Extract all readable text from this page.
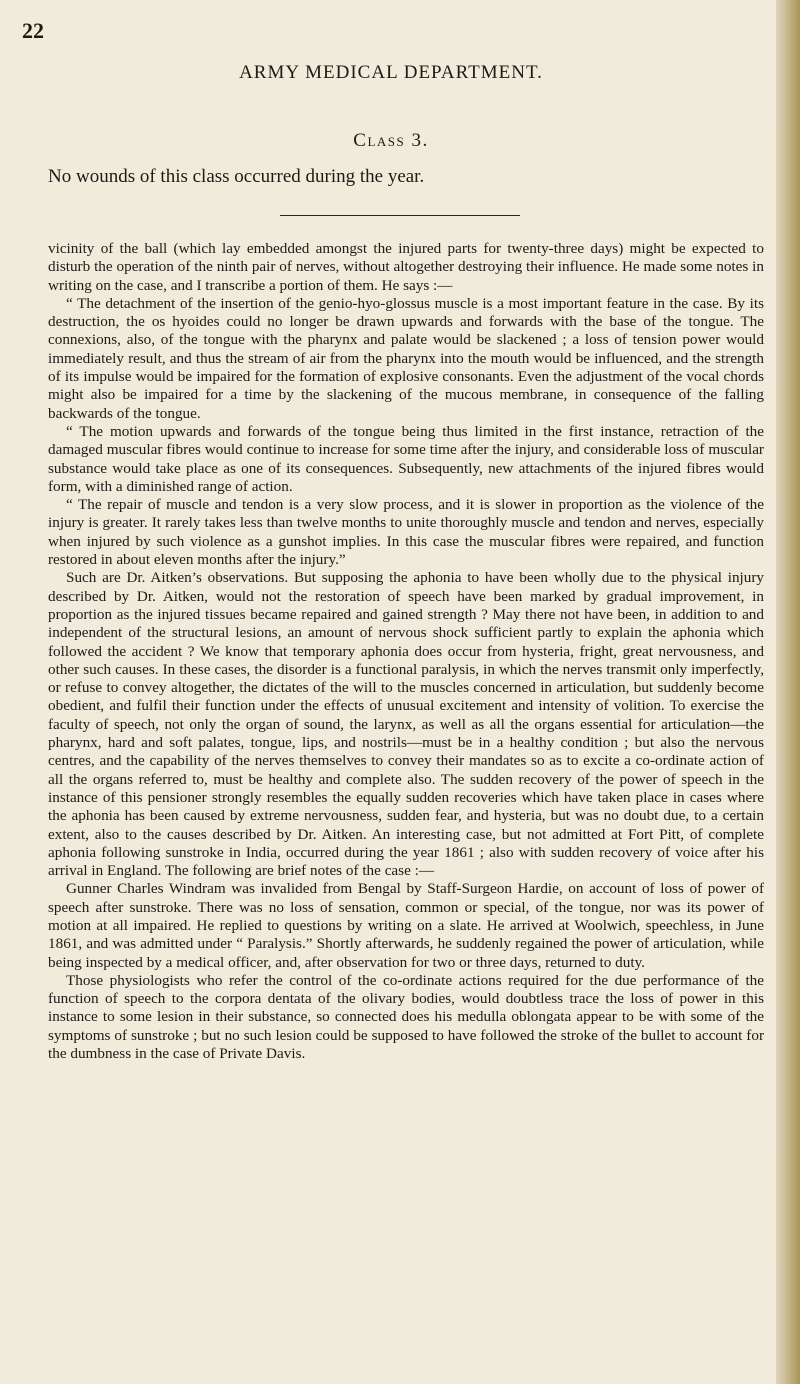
22
ARMY MEDICAL DEPARTMENT.
Class 3.
No wounds of this class occurred during the year.

vicinity of the ball (which lay embedded amongst the injured parts for twenty-three days) might be expected to disturb the operation of the ninth pair of nerves, without altogether destroying their influence. He made some notes in writing on the case, and I transcribe a portion of them. He says :—

“ The detachment of the insertion of the genio-hyo-glossus muscle is a most important feature in the case. By its destruction, the os hyoides could no longer be drawn upwards and forwards with the base of the tongue. The connexions, also, of the tongue with the pharynx and palate would be slackened ; a loss of tension power would immediately result, and thus the stream of air from the pharynx into the mouth would be influenced, and the strength of its impulse would be impaired for the formation of explosive consonants. Even the adjustment of the vocal chords might also be impaired for a time by the slackening of the mucous membrane, in consequence of the falling backwards of the tongue.

“ The motion upwards and forwards of the tongue being thus limited in the first instance, retraction of the damaged muscular fibres would continue to increase for some time after the injury, and considerable loss of muscular substance would take place as one of its consequences. Subsequently, new attachments of the injured fibres would form, with a diminished range of action.

“ The repair of muscle and tendon is a very slow process, and it is slower in proportion as the violence of the injury is greater. It rarely takes less than twelve months to unite thoroughly muscle and tendon and nerves, especially when injured by such violence as a gunshot implies. In this case the muscular fibres were repaired, and function restored in about eleven months after the injury.”

Such are Dr. Aitken’s observations. But supposing the aphonia to have been wholly due to the physical injury described by Dr. Aitken, would not the restoration of speech have been marked by gradual improvement, in proportion as the injured tissues became repaired and gained strength ? May there not have been, in addition to and independent of the structural lesions, an amount of nervous shock sufficient partly to explain the aphonia which followed the accident ? We know that temporary aphonia does occur from hysteria, fright, great nervousness, and other such causes. In these cases, the disorder is a functional paralysis, in which the nerves transmit only imperfectly, or refuse to convey altogether, the dictates of the will to the muscles concerned in articulation, but suddenly become obedient, and fulfil their function under the effects of unusual excitement and intensity of volition. To exercise the faculty of speech, not only the organ of sound, the larynx, as well as all the organs essential for articulation—the pharynx, hard and soft palates, tongue, lips, and nostrils—must be in a healthy condition ; but also the nervous centres, and the capability of the nerves themselves to convey their mandates so as to excite a co-ordinate action of all the organs referred to, must be healthy and complete also. The sudden recovery of the power of speech in the instance of this pensioner strongly resembles the equally sudden recoveries which have taken place in cases where the aphonia has been caused by extreme nervousness, sudden fear, and hysteria, but was no doubt due, to a certain extent, also to the causes described by Dr. Aitken. An interesting case, but not admitted at Fort Pitt, of complete aphonia following sunstroke in India, occurred during the year 1861 ; also with sudden recovery of voice after his arrival in England. The following are brief notes of the case :—

Gunner Charles Windram was invalided from Bengal by Staff-Surgeon Hardie, on account of loss of power of speech after sunstroke. There was no loss of sensation, common or special, of the tongue, nor was its power of motion at all impaired. He replied to questions by writing on a slate. He arrived at Woolwich, speechless, in June 1861, and was admitted under “ Paralysis.” Shortly afterwards, he suddenly regained the power of articulation, while being inspected by a medical officer, and, after observation for two or three days, returned to duty.

Those physiologists who refer the control of the co-ordinate actions required for the due performance of the function of speech to the corpora dentata of the olivary bodies, would doubtless trace the loss of power in this instance to some lesion in their substance, so connected does his medulla oblongata appear to be with some of the symptoms of sunstroke ; but no such lesion could be supposed to have followed the stroke of the bullet to account for the dumbness in the case of Private Davis.
